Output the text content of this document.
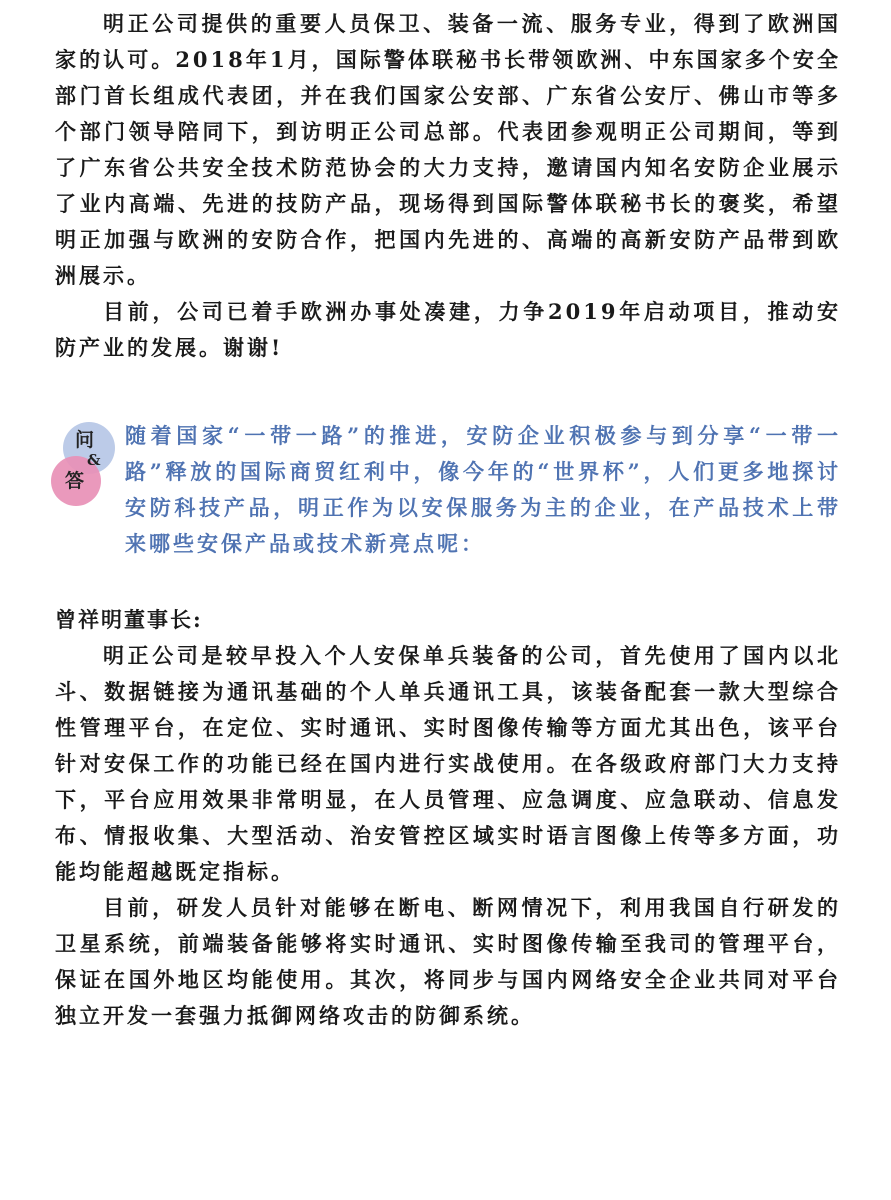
明正公司提供的重要人员保卫、装备一流、服务专业，得到了欧洲国家的认可。2018年1月，国际警体联秘书长带领欧洲、中东国家多个安全部门首长组成代表团，并在我们国家公安部、广东省公安厅、佛山市等多个部门领导陪同下，到访明正公司总部。代表团参观明正公司期间，等到了广东省公共安全技术防范协会的大力支持，邀请国内知名安防企业展示了业内高端、先进的技防产品，现场得到国际警体联秘书长的褒奖，希望明正加强与欧洲的安防合作，把国内先进的、高端的高新安防产品带到欧洲展示。

目前，公司已着手欧洲办事处凑建，力争2019年启动项目，推动安防产业的发展。谢谢!

问
&
答

随着国家“一带一路”的推进，安防企业积极参与到分享“一带一路”释放的国际商贸红利中，像今年的“世界杯”，人们更多地探讨安防科技产品，明正作为以安保服务为主的企业，在产品技术上带来哪些安保产品或技术新亮点呢：

曾祥明董事长:

明正公司是较早投入个人安保单兵装备的公司，首先使用了国内以北斗、数据链接为通讯基础的个人单兵通讯工具，该装备配套一款大型综合性管理平台，在定位、实时通讯、实时图像传输等方面尤其出色，该平台针对安保工作的功能已经在国内进行实战使用。在各级政府部门大力支持下，平台应用效果非常明显，在人员管理、应急调度、应急联动、信息发布、情报收集、大型活动、治安管控区域实时语言图像上传等多方面，功能均能超越既定指标。

目前，研发人员针对能够在断电、断网情况下，利用我国自行研发的卫星系统，前端装备能够将实时通讯、实时图像传输至我司的管理平台，保证在国外地区均能使用。其次，将同步与国内网络安全企业共同对平台独立开发一套强力抵御网络攻击的防御系统。
